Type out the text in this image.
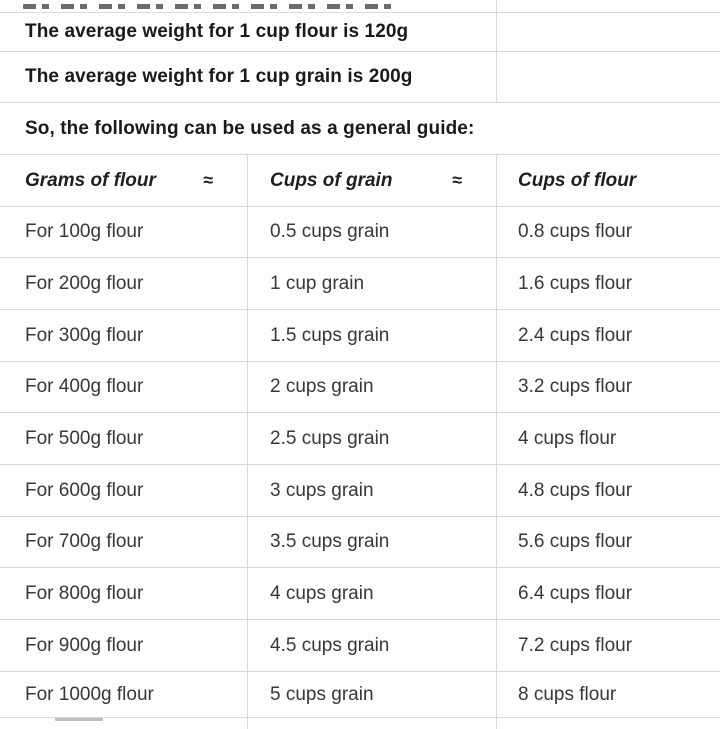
The average weight for 1 cup flour is 120g
The average weight for 1 cup grain is 200g
So, the following can be used as a general guide:
Grams of flour	≈	Cups of grain	≈	Cups of flour
For 100g flour	0.5 cups grain	0.8 cups flour
For 200g flour	1 cup grain	1.6 cups flour
For 300g flour	1.5 cups grain	2.4 cups flour
For 400g flour	2 cups grain	3.2 cups flour
For 500g flour	2.5 cups grain	4 cups flour
For 600g flour	3 cups grain	4.8 cups flour
For 700g flour	3.5 cups grain	5.6 cups flour
For 800g flour	4 cups grain	6.4 cups flour
For 900g flour	4.5 cups grain	7.2 cups flour
For 1000g flour	5 cups grain	8 cups flour
